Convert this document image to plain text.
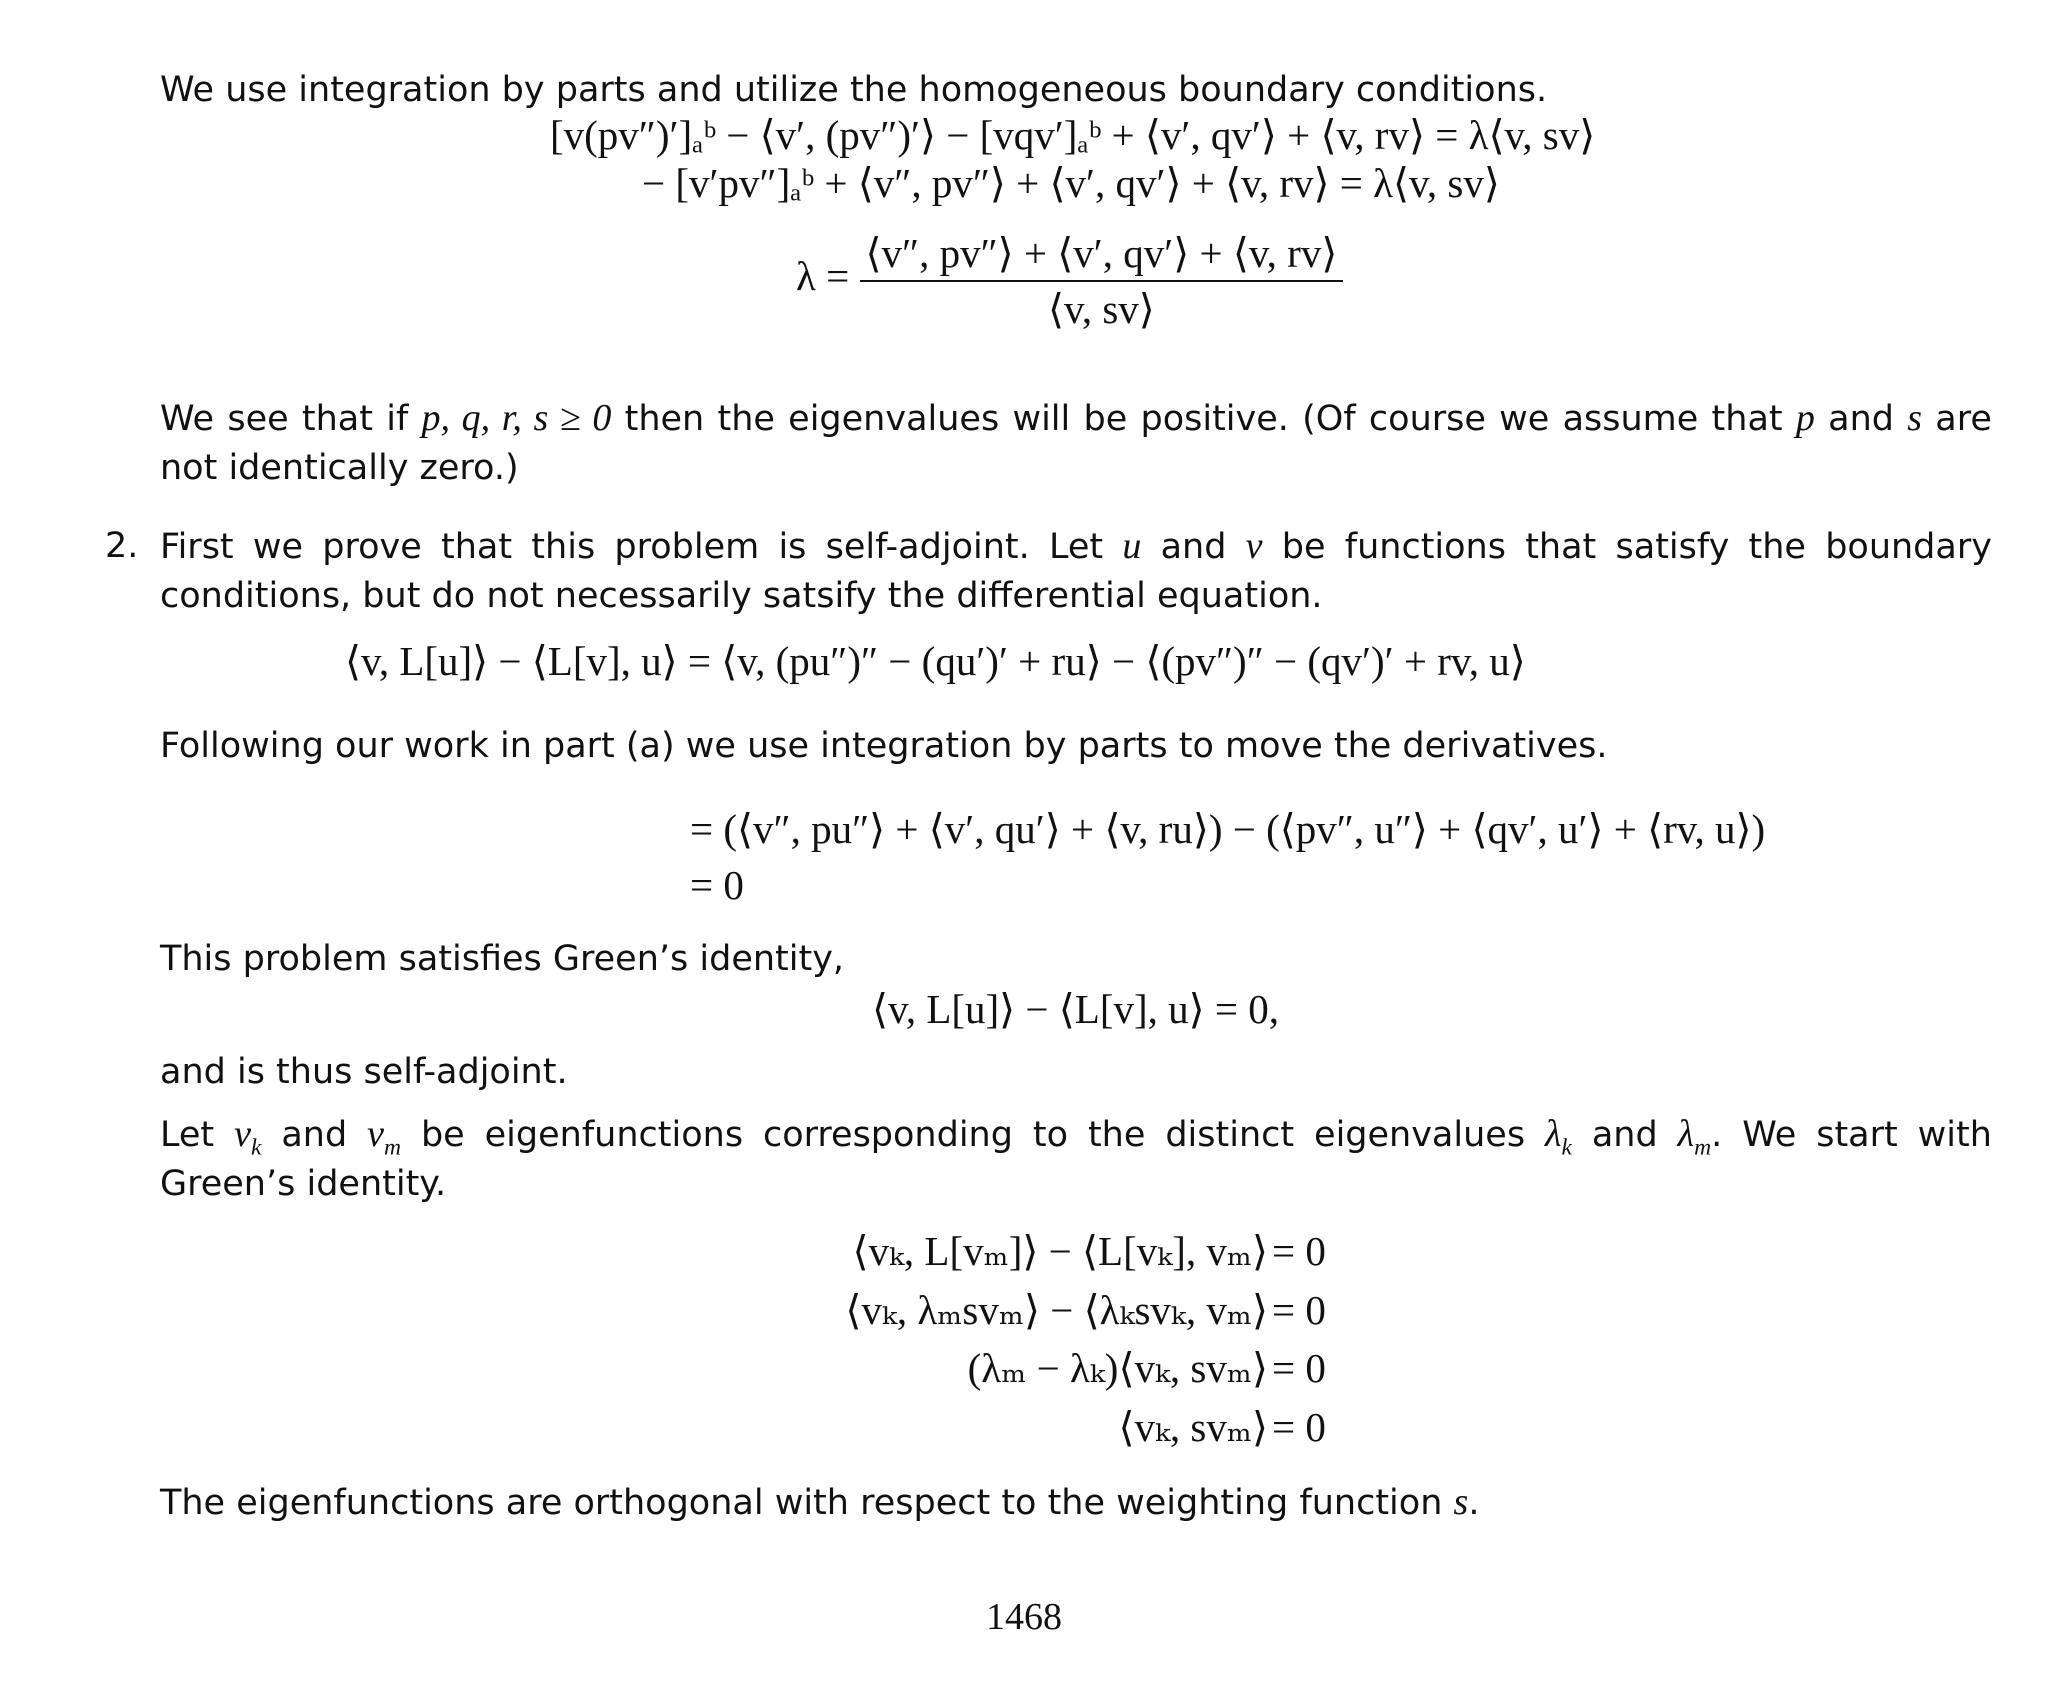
We use integration by parts and utilize the homogeneous boundary conditions.

[v(pv″)′]ₐᵇ − ⟨v′, (pv″)′⟩ − [vqv′]ₐᵇ + ⟨v′, qv′⟩ + ⟨v, rv⟩ = λ⟨v, sv⟩
− [v′pv″]ₐᵇ + ⟨v″, pv″⟩ + ⟨v′, qv′⟩ + ⟨v, rv⟩ = λ⟨v, sv⟩
$\lambda = \frac{⟨v'', pv''⟩ + ⟨v', qv'⟩ + ⟨v, rv⟩}{⟨v, sv⟩}$

We see that if p, q, r, s ≥ 0 then the eigenvalues will be positive. (Of course we assume that p and s are not identically zero.)

2. First we prove that this problem is self-adjoint. Let u and v be functions that satisfy the boundary conditions, but do not necessarily satsify the differential equation.

⟨v, L[u]⟩ − ⟨L[v], u⟩ = ⟨v, (pu″)″ − (qu′)′ + ru⟩ − ⟨(pv″)″ − (qv′)′ + rv, u⟩

Following our work in part (a) we use integration by parts to move the derivatives.

= (⟨v″, pu″⟩ + ⟨v′, qu′⟩ + ⟨v, ru⟩) − (⟨pv″, u″⟩ + ⟨qv′, u′⟩ + ⟨rv, u⟩)
= 0

This problem satisfies Green’s identity,

⟨v, L[u]⟩ − ⟨L[v], u⟩ = 0,

and is thus self-adjoint.

Let $v_k$ and $v_m$ be eigenfunctions corresponding to the distinct eigenvalues $\lambda_k$ and $\lambda_m$. We start with Green’s identity.

⟨vₖ, L[vₘ]⟩ − ⟨L[vₖ], vₘ⟩ = 0
⟨vₖ, λₘsvₘ⟩ − ⟨λₖsvₖ, vₘ⟩ = 0
(λₘ − λₖ)⟨vₖ, svₘ⟩ = 0
⟨vₖ, svₘ⟩ = 0

The eigenfunctions are orthogonal with respect to the weighting function s.

1468
